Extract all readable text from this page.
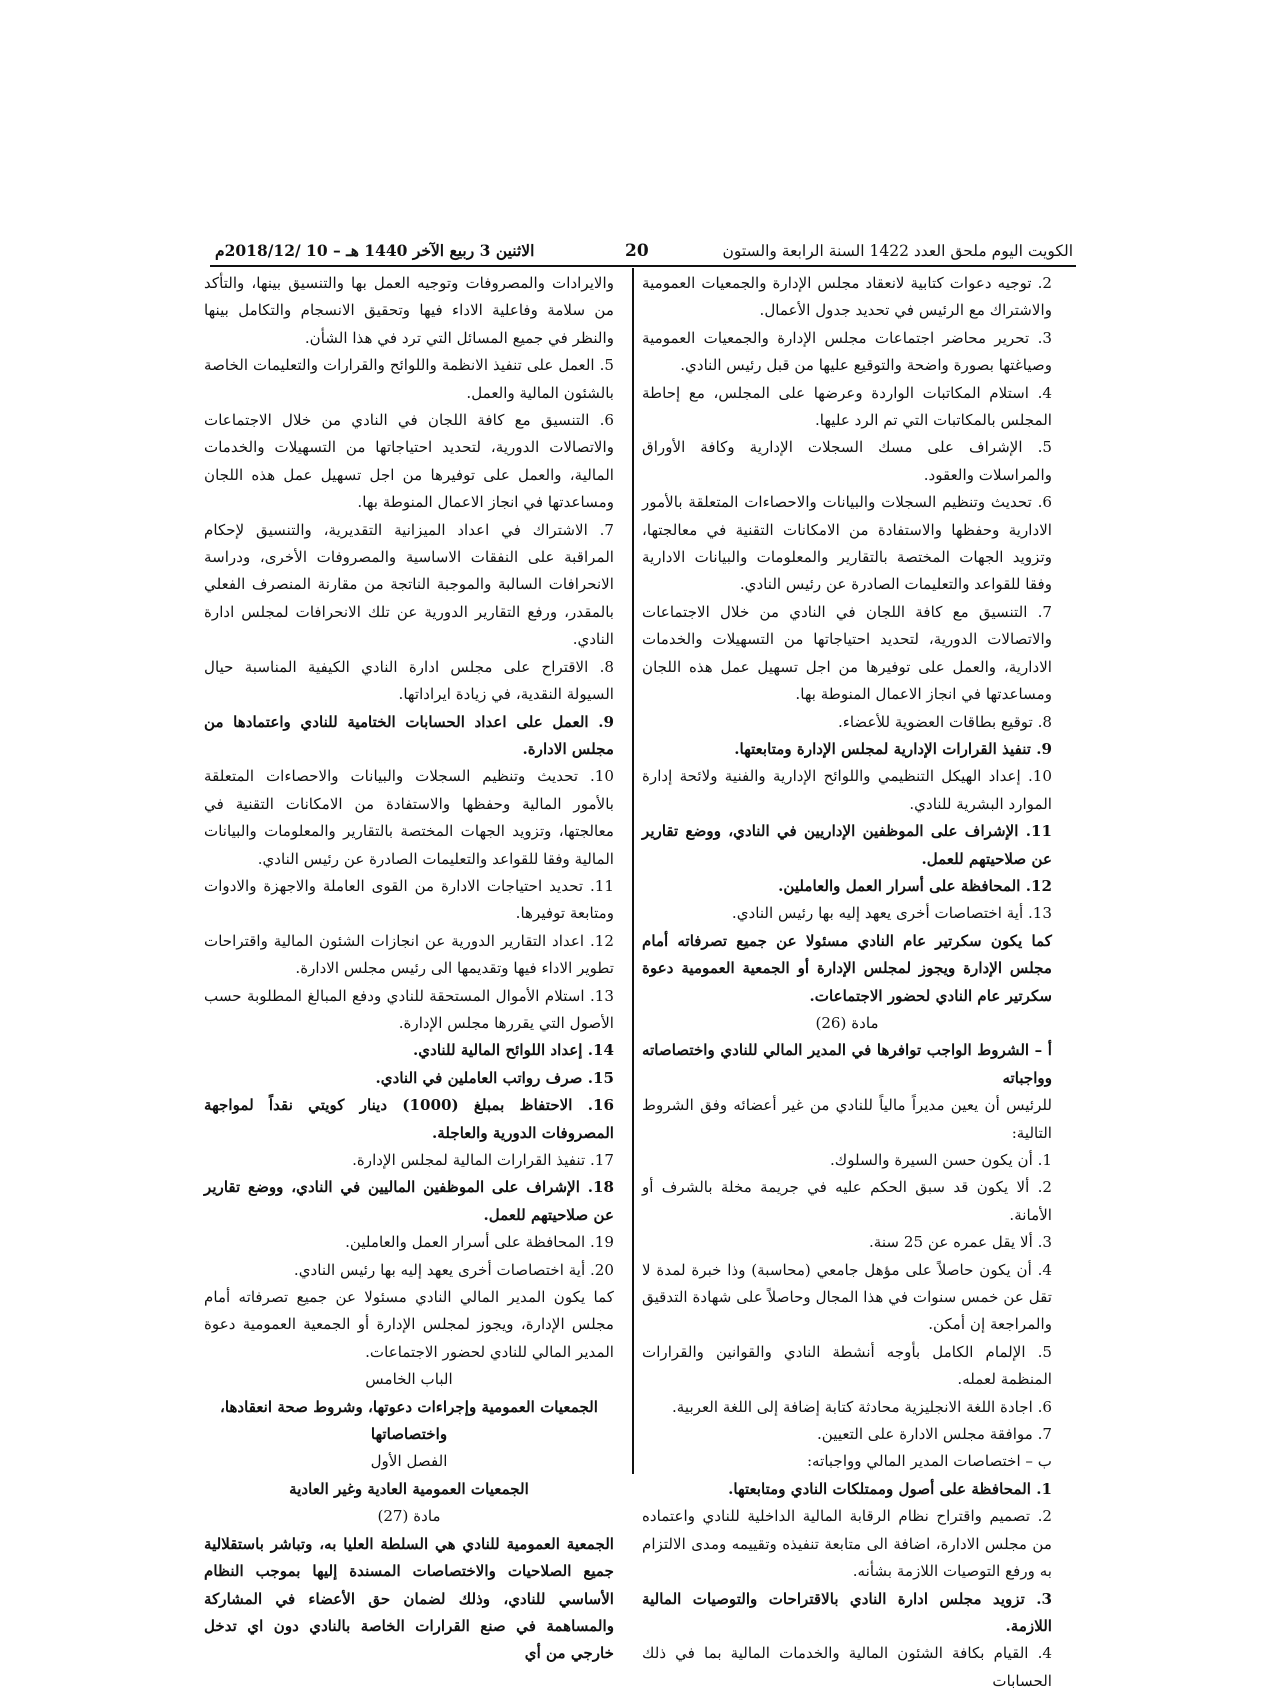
الكويت اليوم ملحق العدد 1422 السنة الرابعة والستون
20
الاثنين 3 ربيع الآخر 1440 هـ – 10 /2018/12م

2. توجيه دعوات كتابية لانعقاد مجلس الإدارة والجمعيات العمومية والاشتراك مع الرئيس في تحديد جدول الأعمال.

3. تحرير محاضر اجتماعات مجلس الإدارة والجمعيات العمومية وصياغتها بصورة واضحة والتوقيع عليها من قبل رئيس النادي.

4. استلام المكاتبات الواردة وعرضها على المجلس، مع إحاطة المجلس بالمكاتبات التي تم الرد عليها.

5. الإشراف على مسك السجلات الإدارية وكافة الأوراق والمراسلات والعقود.

6. تحديث وتنظيم السجلات والبيانات والاحصاءات المتعلقة بالأمور الادارية وحفظها والاستفادة من الامكانات التقنية في معالجتها، وتزويد الجهات المختصة بالتقارير والمعلومات والبيانات الادارية وفقا للقواعد والتعليمات الصادرة عن رئيس النادي.

7. التنسيق مع كافة اللجان في النادي من خلال الاجتماعات والاتصالات الدورية، لتحديد احتياجاتها من التسهيلات والخدمات الادارية، والعمل على توفيرها من اجل تسهيل عمل هذه اللجان ومساعدتها في انجاز الاعمال المنوطة بها.

8. توقيع بطاقات العضوية للأعضاء.

9. تنفيذ القرارات الإدارية لمجلس الإدارة ومتابعتها.

10. إعداد الهيكل التنظيمي واللوائح الإدارية والفنية ولائحة إدارة الموارد البشرية للنادي.

11. الإشراف على الموظفين الإداريين في النادي، ووضع تقارير عن صلاحيتهم للعمل.

12. المحافظة على أسرار العمل والعاملين.

13. أية اختصاصات أخرى يعهد إليه بها رئيس النادي.

كما يكون سكرتير عام النادي مسئولا عن جميع تصرفاته أمام مجلس الإدارة ويجوز لمجلس الإدارة أو الجمعية العمومية دعوة سكرتير عام النادي لحضور الاجتماعات.

مادة (26)

أ – الشروط الواجب توافرها في المدير المالي للنادي واختصاصاته وواجباته

للرئيس أن يعين مديراً مالياً للنادي من غير أعضائه وفق الشروط التالية:

1. أن يكون حسن السيرة والسلوك.

2. ألا يكون قد سبق الحكم عليه في جريمة مخلة بالشرف أو الأمانة.

3. ألا يقل عمره عن 25 سنة.

4. أن يكون حاصلاً على مؤهل جامعي (محاسبة) وذا خبرة لمدة لا تقل عن خمس سنوات في هذا المجال وحاصلاً على شهادة التدقيق والمراجعة إن أمكن.

5. الإلمام الكامل بأوجه أنشطة النادي والقوانين والقرارات المنظمة لعمله.

6. اجادة اللغة الانجليزية محادثة كتابة إضافة إلى اللغة العربية.

7. موافقة مجلس الادارة على التعيين.

ب – اختصاصات المدير المالي وواجباته:

1. المحافظة على أصول وممتلكات النادي ومتابعتها.

2. تصميم واقتراح نظام الرقابة المالية الداخلية للنادي واعتماده من مجلس الادارة، اضافة الى متابعة تنفيذه وتقييمه ومدى الالتزام به ورفع التوصيات اللازمة بشأنه.

3. تزويد مجلس ادارة النادي بالاقتراحات والتوصيات المالية اللازمة.

4. القيام بكافة الشئون المالية والخدمات المالية بما في ذلك الحسابات

والايرادات والمصروفات وتوجيه العمل بها والتنسيق بينها، والتأكد من سلامة وفاعلية الاداء فيها وتحقيق الانسجام والتكامل بينها والنظر في جميع المسائل التي ترد في هذا الشأن.

5. العمل على تنفيذ الانظمة واللوائح والقرارات والتعليمات الخاصة بالشئون المالية والعمل.

6. التنسيق مع كافة اللجان في النادي من خلال الاجتماعات والاتصالات الدورية، لتحديد احتياجاتها من التسهيلات والخدمات المالية، والعمل على توفيرها من اجل تسهيل عمل هذه اللجان ومساعدتها في انجاز الاعمال المنوطة بها.

7. الاشتراك في اعداد الميزانية التقديرية، والتنسيق لإحكام المراقبة على النفقات الاساسية والمصروفات الأخرى، ودراسة الانحرافات السالبة والموجبة الناتجة من مقارنة المنصرف الفعلي بالمقدر، ورفع التقارير الدورية عن تلك الانحرافات لمجلس ادارة النادي.

8. الاقتراح على مجلس ادارة النادي الكيفية المناسبة حيال السيولة النقدية، في زيادة ايراداتها.

9. العمل على اعداد الحسابات الختامية للنادي واعتمادها من مجلس الادارة.

10. تحديث وتنظيم السجلات والبيانات والاحصاءات المتعلقة بالأمور المالية وحفظها والاستفادة من الامكانات التقنية في معالجتها، وتزويد الجهات المختصة بالتقارير والمعلومات والبيانات المالية وفقا للقواعد والتعليمات الصادرة عن رئيس النادي.

11. تحديد احتياجات الادارة من القوى العاملة والاجهزة والادوات ومتابعة توفيرها.

12. اعداد التقارير الدورية عن انجازات الشئون المالية واقتراحات تطوير الاداء فيها وتقديمها الى رئيس مجلس الادارة.

13. استلام الأموال المستحقة للنادي ودفع المبالغ المطلوبة حسب الأصول التي يقررها مجلس الإدارة.

14. إعداد اللوائح المالية للنادي.

15. صرف رواتب العاملين في النادي.

16. الاحتفاظ بمبلغ (1000) دينار كويتي نقداً لمواجهة المصروفات الدورية والعاجلة.

17. تنفيذ القرارات المالية لمجلس الإدارة.

18. الإشراف على الموظفين الماليين في النادي، ووضع تقارير عن صلاحيتهم للعمل.

19. المحافظة على أسرار العمل والعاملين.

20. أية اختصاصات أخرى يعهد إليه بها رئيس النادي.

كما يكون المدير المالي النادي مسئولا عن جميع تصرفاته أمام مجلس الإدارة، ويجوز لمجلس الإدارة أو الجمعية العمومية دعوة المدير المالي للنادي لحضور الاجتماعات.

الباب الخامس

الجمعيات العمومية وإجراءات دعوتها، وشروط صحة انعقادها، واختصاصاتها

الفصل الأول

الجمعيات العمومية العادية وغير العادية

مادة (27)

الجمعية العمومية للنادي هي السلطة العليا به، وتباشر باستقلالية جميع الصلاحيات والاختصاصات المسندة إليها بموجب النظام الأساسي للنادي، وذلك لضمان حق الأعضاء في المشاركة والمساهمة في صنع القرارات الخاصة بالنادي دون اي تدخل خارجي من أي
